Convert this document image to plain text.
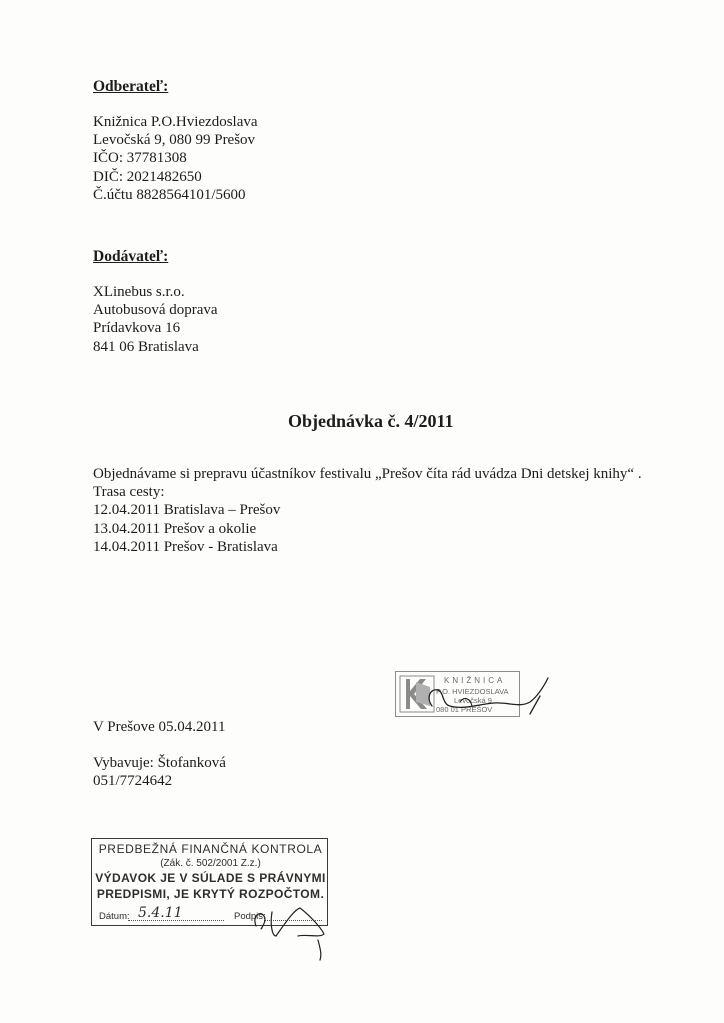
Odberateľ:
Knižnica P.O.Hviezdoslava
Levočská 9, 080 99 Prešov
IČO: 37781308
DIČ: 2021482650
Č.účtu 8828564101/5600
Dodávateľ:
XLinebus s.r.o.
Autobusová doprava
Prídavkova 16
841 06 Bratislava
Objednávka č. 4/2011
Objednávame si prepravu účastníkov festivalu „Prešov číta rád uvádza Dni detskej knihy“ .
Trasa cesty:
12.04.2011 Bratislava – Prešov
13.04.2011 Prešov a okolie
14.04.2011 Prešov - Bratislava
KNIŽNICA
P.O. HVIEZDOSLAVA
Levočská 9
080 01 PREŠOV
V Prešove 05.04.2011
Vybavuje: Štofanková
051/7724642
PREDBEŽNÁ FINANČNÁ KONTROLA
(Zák. č. 502/2001 Z.z.)
VÝDAVOK JE V SÚLADE S PRÁVNYMI
PREDPISMI, JE KRYTÝ ROZPOČTOM.
Dátum: 5.4.11	Podpis:
